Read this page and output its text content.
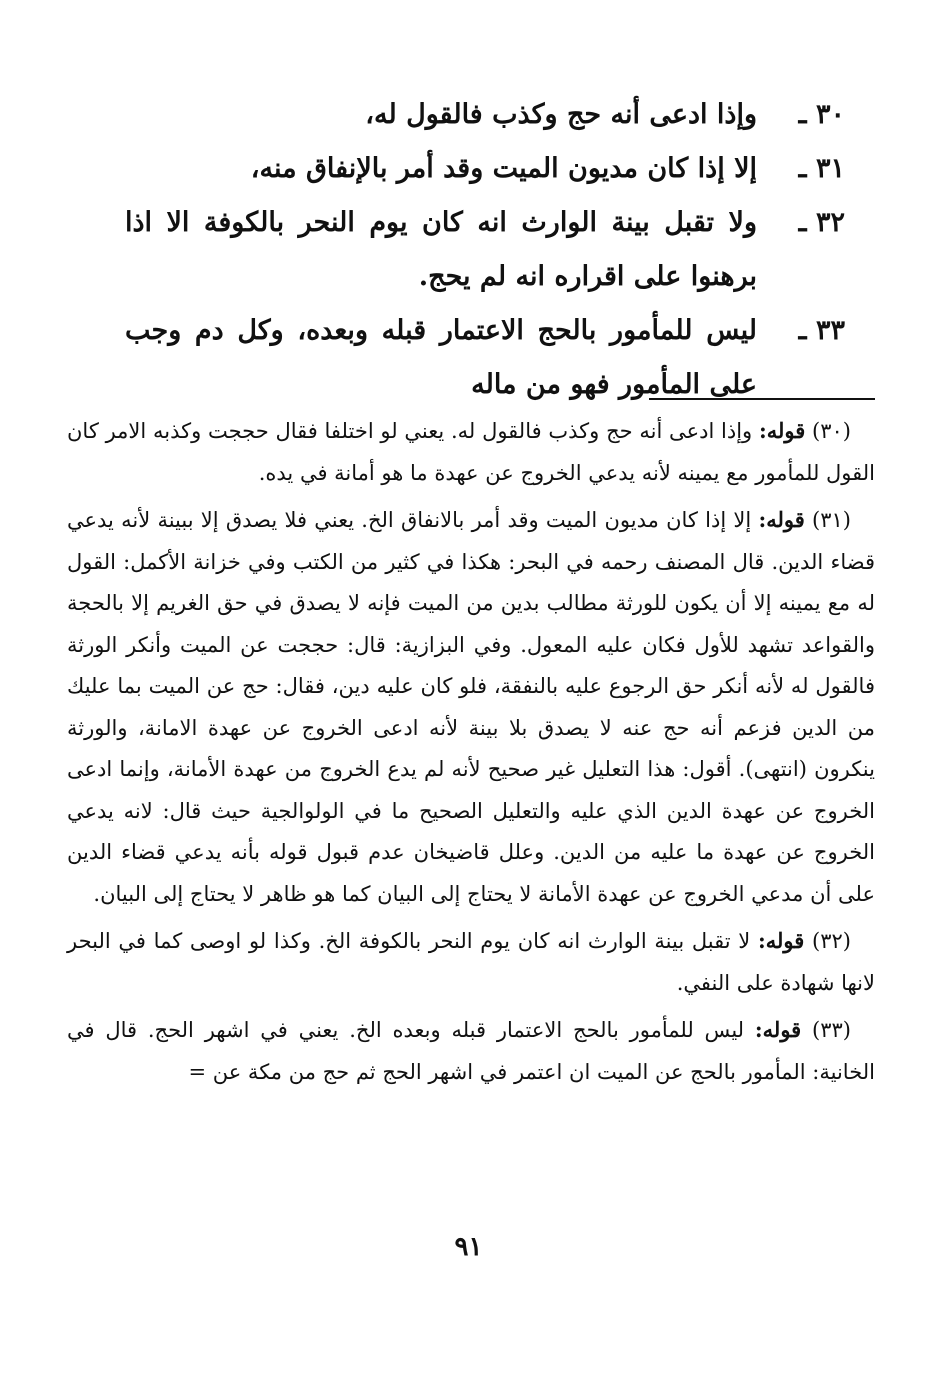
٣٠ ـ
وإذا ادعى أنه حج وكذب فالقول له،
٣١ ـ
إلا إذا كان مديون الميت وقد أمر بالإنفاق منه،
٣٢ ـ
ولا تقبل بينة الوارث انه كان يوم النحر بالكوفة الا اذا برهنوا على اقراره انه لم يحج.
٣٣ ـ
ليس للمأمور بالحج الاعتمار قبله وبعده، وكل دم وجب على المأمور فهو من ماله

(٣٠) قوله: وإذا ادعى أنه حج وكذب فالقول له. يعني لو اختلفا فقال حججت وكذبه الامر كان القول للمأمور مع يمينه لأنه يدعي الخروج عن عهدة ما هو أمانة في يده.

(٣١) قوله: إلا إذا كان مديون الميت وقد أمر بالانفاق الخ. يعني فلا يصدق إلا ببينة لأنه يدعي قضاء الدين. قال المصنف رحمه في البحر: هكذا في كثير من الكتب وفي خزانة الأكمل: القول له مع يمينه إلا أن يكون للورثة مطالب بدين من الميت فإنه لا يصدق في حق الغريم إلا بالحجة والقواعد تشهد للأول فكان عليه المعول. وفي البزازية: قال: حججت عن الميت وأنكر الورثة فالقول له لأنه أنكر حق الرجوع عليه بالنفقة، فلو كان عليه دين، فقال: حج عن الميت بما عليك من الدين فزعم أنه حج عنه لا يصدق بلا بينة لأنه ادعى الخروج عن عهدة الامانة، والورثة ينكرون (انتهى). أقول: هذا التعليل غير صحيح لأنه لم يدع الخروج من عهدة الأمانة، وإنما ادعى الخروج عن عهدة الدين الذي عليه والتعليل الصحيح ما في الولوالجية حيث قال: لانه يدعي الخروج عن عهدة ما عليه من الدين. وعلل قاضيخان عدم قبول قوله بأنه يدعي قضاء الدين على أن مدعي الخروج عن عهدة الأمانة لا يحتاج إلى البيان كما هو ظاهر لا يحتاج إلى البيان.

(٣٢) قوله: لا تقبل بينة الوارث انه كان يوم النحر بالكوفة الخ. وكذا لو اوصى كما في البحر لانها شهادة على النفي.

(٣٣) قوله: ليس للمأمور بالحج الاعتمار قبله وبعده الخ. يعني في اشهر الحج. قال في الخانية: المأمور بالحج عن الميت ان اعتمر في اشهر الحج ثم حج من مكة عن =

٩١
